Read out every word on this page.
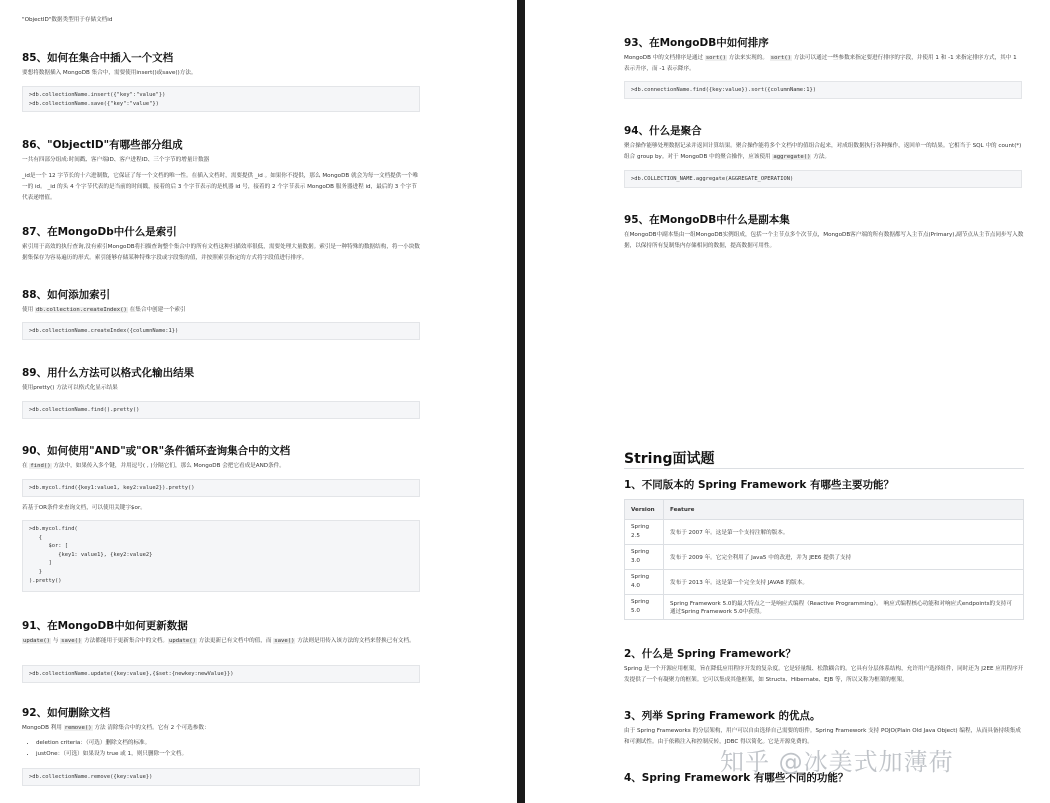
"ObjectID"数据类型用于存储文档id
85、如何在集合中插入一个文档
要想将数据插入 MongoDB 集合中，需要使用insert()或save()方法。
>db.collectionName.insert({"key":"value"})
>db.collectionName.save({"key":"value"})
86、"ObjectID"有哪些部分组成
一共有四部分组成:时间戳、客户端ID、客户进程ID、三个字节的增量计数器
_id是一个 12 字节长的十六进制数，它保证了每一个文档的唯一性。在插入文档时，需要提供 _id 。如果你不提供，那么 MongoDB 就会为每一文档提供一个唯一的 id。 _id 的头 4 个字节代表的是当前的时间戳，接着的后 3 个字节表示的是机器 id 号，接着的 2 个字节表示 MongoDB 服务器进程 id，最后的 3 个字节代表递增值。
87、在MongoDb中什么是索引
索引用于高效的执行查询,没有索引MongoDB将扫描查询整个集合中的所有文档这种扫描效率很低，需要处理大量数据。索引是一种特殊的数据结构，将一小块数据集保存为容易遍历的形式。索引能够存储某种特殊字段或字段集的值，并按照索引指定的方式将字段值进行排序。
88、如何添加索引
使用 db.collection.createIndex() 在集合中创建一个索引
>db.collectionName.createIndex({columnName:1})
89、用什么方法可以格式化输出结果
使用pretty() 方法可以格式化显示结果
>db.collectionName.find().pretty()
90、如何使用"AND"或"OR"条件循环查询集合中的文档
在 find() 方法中，如果传入多个键，并用逗号( , )分隔它们，那么 MongoDB 会把它看成是AND条件。
>db.mycol.find({key1:value1, key2:value2}).pretty()
若基于OR条件来查询文档，可以使用关键字$or。
>db.mycol.find(
{
$or: [
{key1: value1}, {key2:value2}
]
}
).pretty()
91、在MongoDB中如何更新数据
update() 与 save() 方法都能用于更新集合中的文档。update() 方法更新已有文档中的值，而 save() 方法则是用传入该方法的文档来替换已有文档。
>db.collectionName.update({key:value},{$set:{newkey:newValue}})
92、如何删除文档
MongoDB 利用 remove() 方法 清除集合中的文档。它有 2 个可选参数：
• deletion criteria：（可选）删除文档的标准。
• justOne：（可选）如果设为 true 或 1，则只删除一个文档。
>db.collectionName.remove({key:value})
93、在MongoDB中如何排序
MongoDB 中的文档排序是通过 sort() 方法来实现的。 sort() 方法可以通过一些参数来指定要进行排序的字段，并使用 1 和 -1 来指定排序方式，其中 1 表示升序，而 -1 表示降序。
>db.connectionName.find({key:value}).sort({columnName:1})
94、什么是聚合
聚合操作能够处理数据记录并返回计算结果。聚合操作能将多个文档中的值组合起来，对成组数据执行各种操作，返回单一的结果。它相当于 SQL 中的 count(*) 组合 group by。对于 MongoDB 中的聚合操作，应该使用 aggregate() 方法。
>db.COLLECTION_NAME.aggregate(AGGREGATE_OPERATION)
95、在MongoDB中什么是副本集
在MongoDB中副本集由一组MongoDB实例组成，包括一个主节点多个次节点，MongoDB客户端的所有数据都写入主节点(Primary),副节点从主节点同步写入数据，以保持所有复制集内存储相同的数据，提高数据可用性。
String面试题
1、不同版本的 Spring Framework 有哪些主要功能？
Version	Feature
Spring 2.5	发布于 2007 年。这是第一个支持注解的版本。
Spring 3.0	发布于 2009 年。它完全利用了 Java5 中的改进，并为 JEE6 提供了支持
Spring 4.0	发布于 2013 年。这是第一个完全支持 JAVA8 的版本。
Spring 5.0	Spring Framework 5.0的最大特点之一是响应式编程（Reactive Programming）。 响应式编程核心功能和对响应式endpoints的支持可通过Spring Framework 5.0中获得。
2、什么是 Spring Framework？
Spring 是一个开源应用框架，旨在降低应用程序开发的复杂度。它是轻量级、松散耦合的。它具有分层体系结构，允许用户选择组件，同时还为 J2EE 应用程序开发提供了一个有凝聚力的框架。它可以集成其他框架，如 Structs、Hibernate、EJB 等，所以又称为框架的框架。
3、列举 Spring Framework 的优点。
由于 Spring Frameworks 的分层架构，用户可以自由选择自己需要的组件。Spring Framework 支持 POJO(Plain Old Java Object) 编程，从而具备持续集成和可测试性。由于依赖注入和控制反转，JDBC 得以简化。它是开源免费的。
4、Spring Framework 有哪些不同的功能？
知乎 @冰美式加薄荷
